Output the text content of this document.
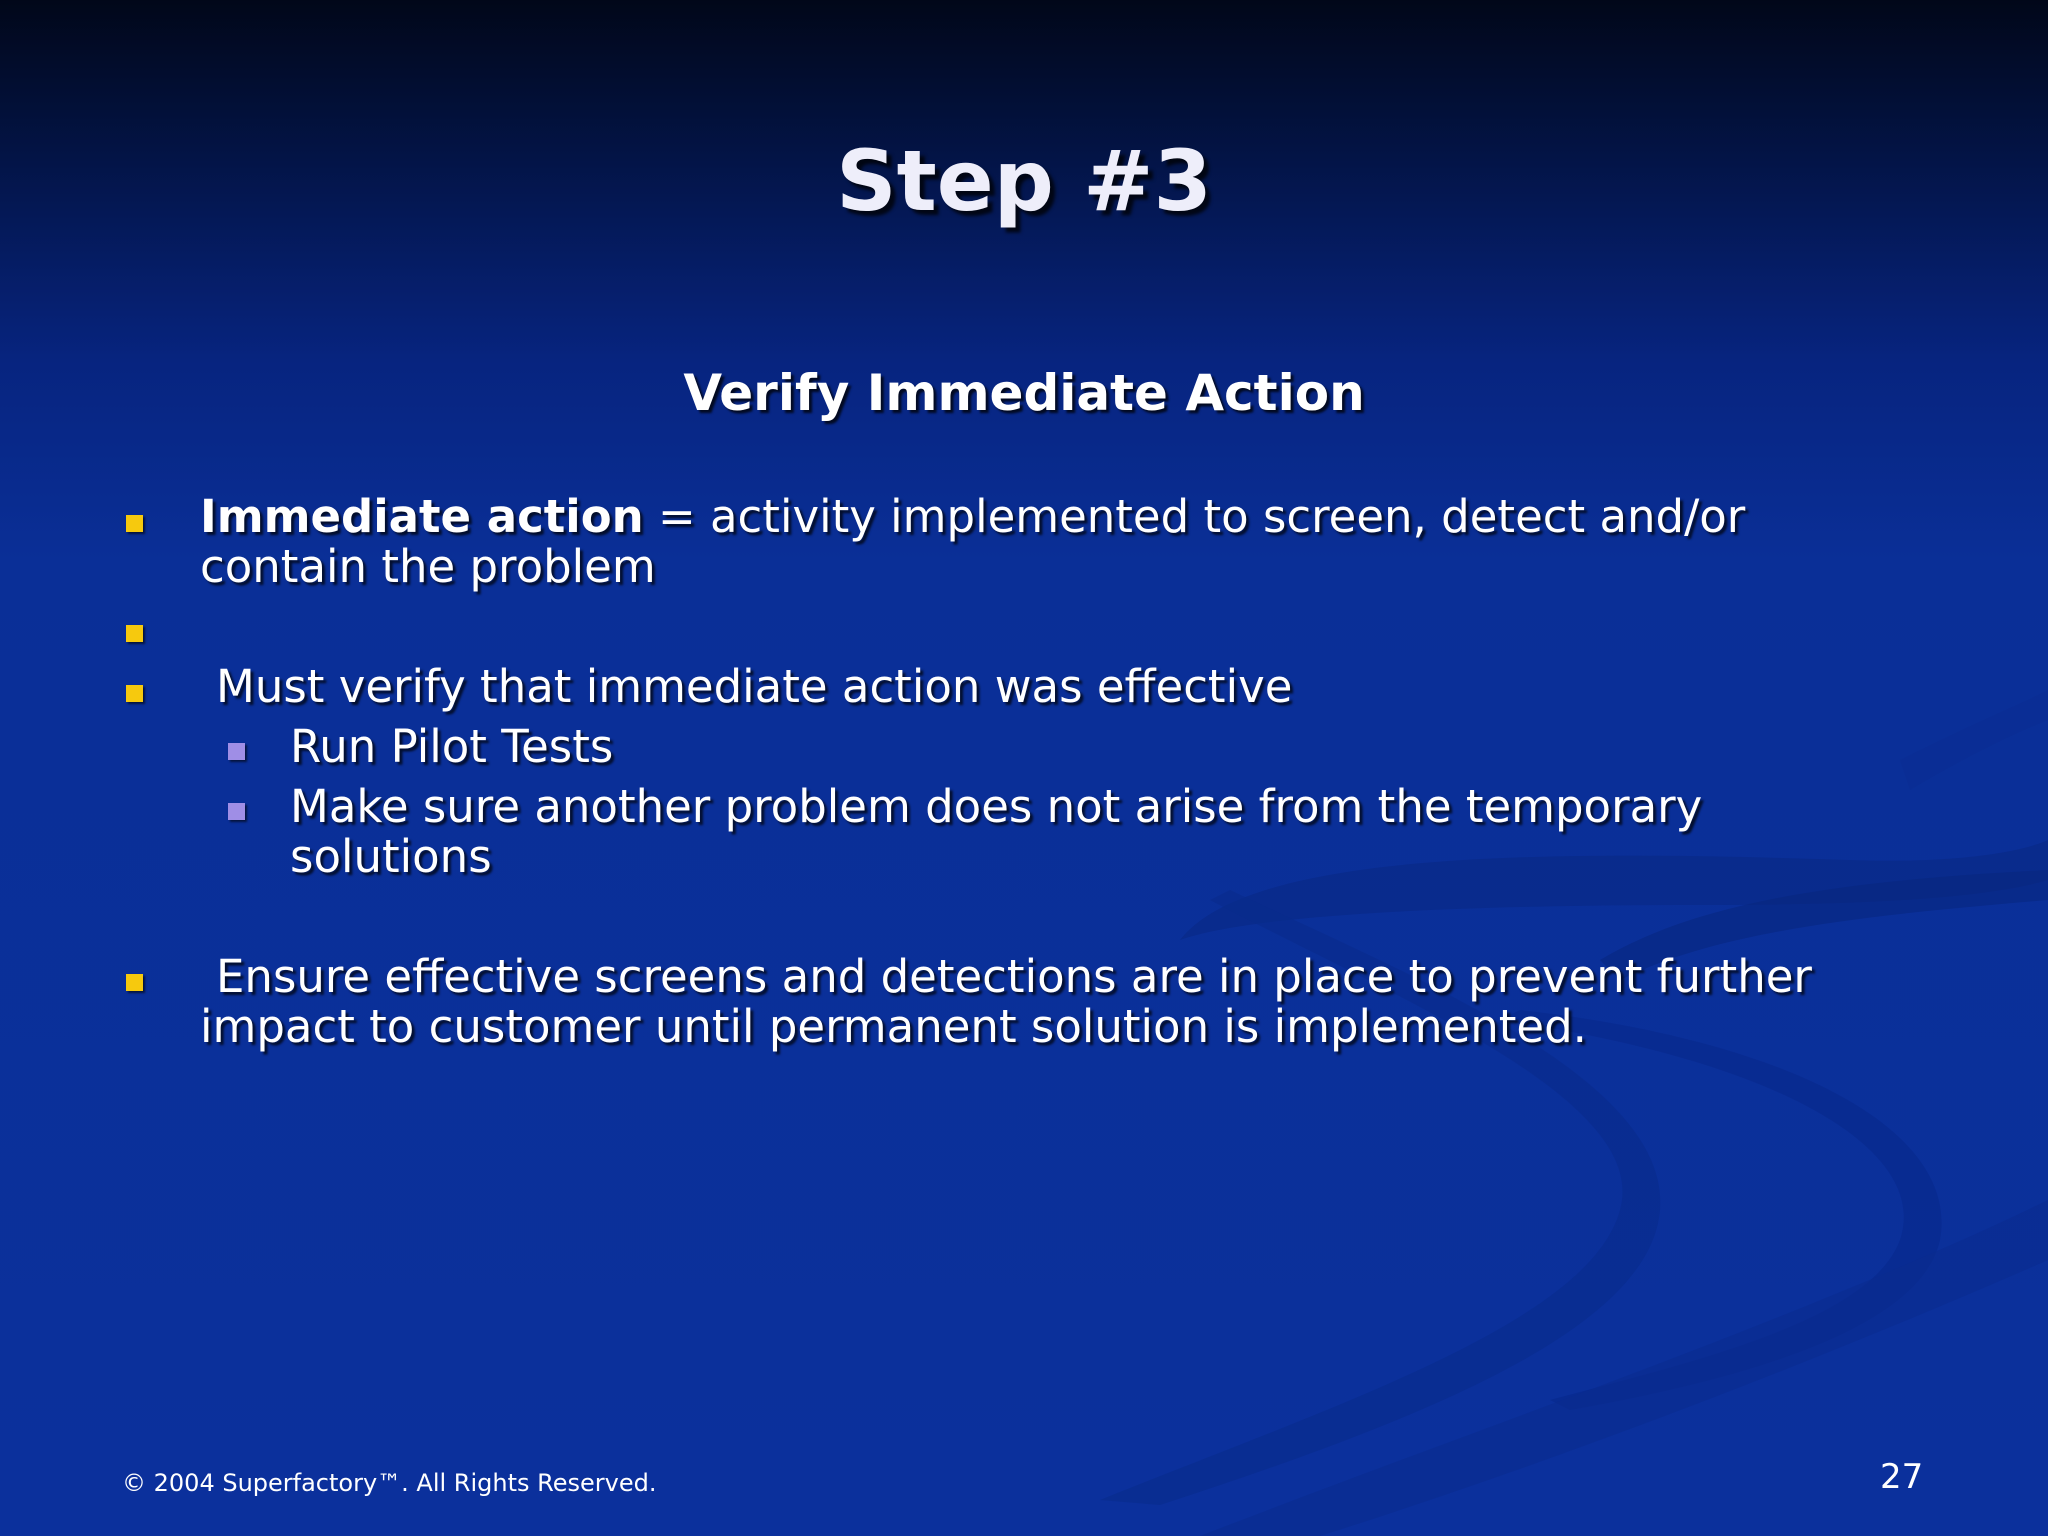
Step #3
Verify Immediate Action
Immediate action = activity implemented to screen, detect and/or
contain the problem
Must verify that immediate action was effective
Run Pilot Tests
Make sure another problem does not arise from the temporary
solutions
Ensure effective screens and detections are in place to prevent further
impact to customer until permanent solution is implemented.
© 2004 Superfactory™. All Rights Reserved.	27
